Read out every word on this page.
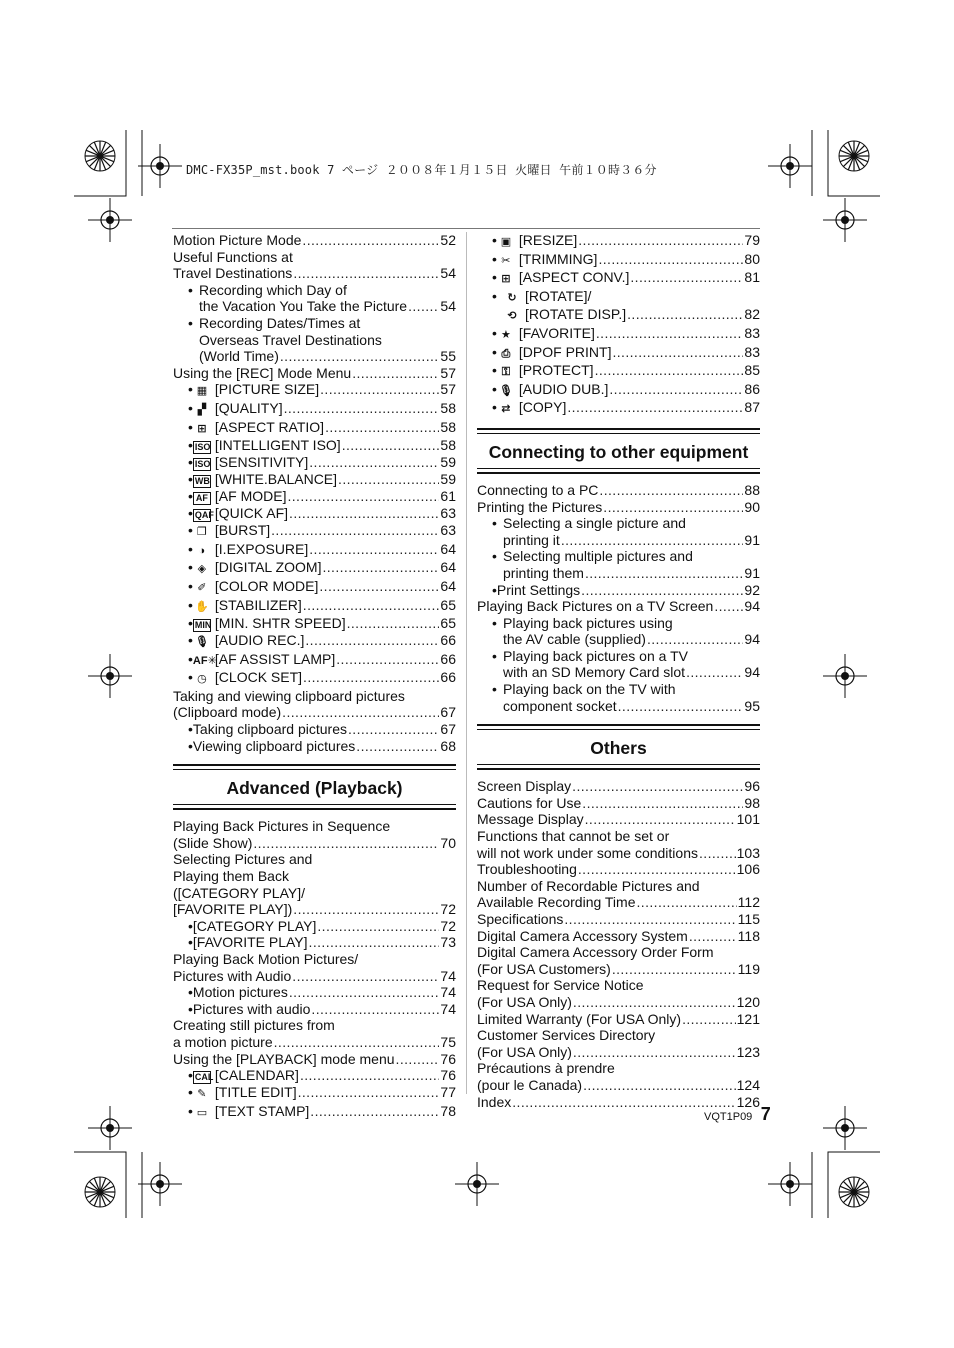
DMC-FX35P_mst.book 7 ページ ２００８年１月１５日 火曜日 午前１０時３６分
Motion Picture Mode .....	52
Useful Functions at
Travel Destinations .....	54
• Recording which Day of
the Vacation You Take the Picture ..... 54
• Recording Dates/Times at
Overseas Travel Destinations
(World Time) .....	55
Using the [REC] Mode Menu .....	57
• ▦ [PICTURE SIZE] .....	57
• ▞ [QUALITY] .....	58
• ⊞ [ASPECT RATIO] .....	58
• ISO [INTELLIGENT ISO] .....	58
• ISO [SENSITIVITY] .....	59
• WB [WHITE.BALANCE] .....	59
• AF [AF MODE] .....	61
• QAF [QUICK AF] .....	63
• ❐ [BURST] .....	63
• ◑ [I.EXPOSURE] .....	64
• ◈ [DIGITAL ZOOM] .....	64
• ✐ [COLOR MODE] .....	64
• ✋ [STABILIZER] .....	65
• MIN [MIN. SHTR SPEED] .....	65
• 🎙 [AUDIO REC.] .....	66
• AF✳
[AF ASSIST LAMP] .....	66
• ◷ [CLOCK SET] .....	66
Taking and viewing clipboard pictures
(Clipboard mode) .....	67
• Taking clipboard pictures .....	67
• Viewing clipboard pictures .....	68
Advanced (Playback)
Playing Back Pictures in Sequence
(Slide Show) .....	70
Selecting Pictures and
Playing them Back
([CATEGORY PLAY]/
[FAVORITE PLAY]) .....	72
• [CATEGORY PLAY] .....	72
• [FAVORITE PLAY] .....	73
Playing Back Motion Pictures/
Pictures with Audio .....	74
• Motion pictures .....	74
• Pictures with audio .....	74
Creating still pictures from
a motion picture .....	75
Using the [PLAYBACK] mode menu .....	76
• CAL [CALENDAR] .....	76
• ✎ [TITLE EDIT] .....	77
• ▭ [TEXT STAMP] .....	78
• ▣ [RESIZE] .....	79
• ✂ [TRIMMING] .....	80
• ⊞ [ASPECT CONV.] .....	81
• ↻ [ROTATE]/
⟲ [ROTATE DISP.] .....	82
• ★ [FAVORITE] .....	83
• ⎙ [DPOF PRINT] .....	83
• ⚿ [PROTECT] .....	85
• 🎙 [AUDIO DUB.] .....	86
• ⇄ [COPY] .....	87
Connecting to other equipment
Connecting to a PC .....	88
Printing the Pictures .....	90
• Selecting a single picture and
printing it .....	91
• Selecting multiple pictures and
printing them .....	91
• Print Settings .....	92
Playing Back Pictures on a TV Screen ..... 94
• Playing back pictures using
the AV cable (supplied) .....	94
• Playing back pictures on a TV
with an SD Memory Card slot .....	94
• Playing back on the TV with
component socket .....	95
Others
Screen Display .....	96
Cautions for Use .....	98
Message Display .....	101
Functions that cannot be set or
will not work under some conditions .....	103
Troubleshooting .....	106
Number of Recordable Pictures and
Available Recording Time .....	112
Specifications .....	115
Digital Camera Accessory System .....	118
Digital Camera Accessory Order Form
(For USA Customers) .....	119
Request for Service Notice
(For USA Only) .....	120
Limited Warranty (For USA Only) .....	121
Customer Services Directory
(For USA Only) .....	123
Précautions à prendre
(pour le Canada) .....	124
Index .....	126
VQT1P09 7
